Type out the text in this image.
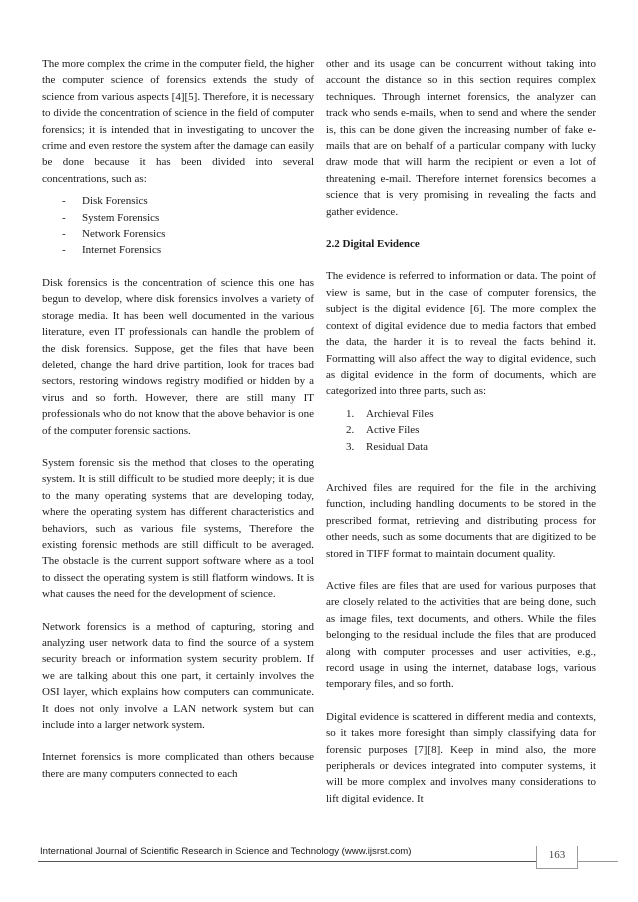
The more complex the crime in the computer field, the higher the computer science of forensics extends the study of science from various aspects [4][5]. Therefore, it is necessary to divide the concentration of science in the field of computer forensics; it is intended that in investigating to uncover the crime and even restore the system after the damage can easily be done because it has been divided into several concentrations, such as:

- Disk Forensics
- System Forensics
- Network Forensics
- Internet Forensics

Disk forensics is the concentration of science this one has begun to develop, where disk forensics involves a variety of storage media. It has been well documented in the various literature, even IT professionals can handle the problem of the disk forensics. Suppose, get the files that have been deleted, change the hard drive partition, look for traces bad sectors, restoring windows registry modified or hidden by a virus and so forth. However, there are still many IT professionals who do not know that the above behavior is one of the computer forensic sactions.

System forensic sis the method that closes to the operating system. It is still difficult to be studied more deeply; it is due to the many operating systems that are developing today, where the operating system has different characteristics and behaviors, such as various file systems, Therefore the existing forensic methods are still difficult to be averaged. The obstacle is the current support software where as a tool to dissect the operating system is still flatform windows. It is what causes the need for the development of science.

Network forensics is a method of capturing, storing and analyzing user network data to find the source of a system security breach or information system security problem. If we are talking about this one part, it certainly involves the OSI layer, which explains how computers can communicate. It does not only involve a LAN network system but can include into a larger network system.

Internet forensics is more complicated than others because there are many computers connected to each

other and its usage can be concurrent without taking into account the distance so in this section requires complex techniques. Through internet forensics, the analyzer can track who sends e-mails, when to send and where the sender is, this can be done given the increasing number of fake e-mails that are on behalf of a particular company with lucky draw mode that will harm the recipient or even a lot of threatening e-mail. Therefore internet forensics becomes a science that is very promising in revealing the facts and gather evidence.

2.2 Digital Evidence

The evidence is referred to information or data. The point of view is same, but in the case of computer forensics, the subject is the digital evidence [6]. The more complex the context of digital evidence due to media factors that embed the data, the harder it is to reveal the facts behind it. Formatting will also affect the way to digital evidence, such as digital evidence in the form of documents, which are categorized into three parts, such as:

1. Archieval Files
2. Active Files
3. Residual Data

Archived files are required for the file in the archiving function, including handling documents to be stored in the prescribed format, retrieving and distributing process for other needs, such as some documents that are digitized to be stored in TIFF format to maintain document quality.

Active files are files that are used for various purposes that are closely related to the activities that are being done, such as image files, text documents, and others. While the files belonging to the residual include the files that are produced along with computer processes and user activities, e.g., record usage in using the internet, database logs, various temporary files, and so forth.

Digital evidence is scattered in different media and contexts, so it takes more foresight than simply classifying data for forensic purposes [7][8]. Keep in mind also, the more peripherals or devices integrated into computer systems, it will be more complex and involves many considerations to lift digital evidence. It

International Journal of Scientific Research in Science and Technology (www.ijsrst.com)	163
